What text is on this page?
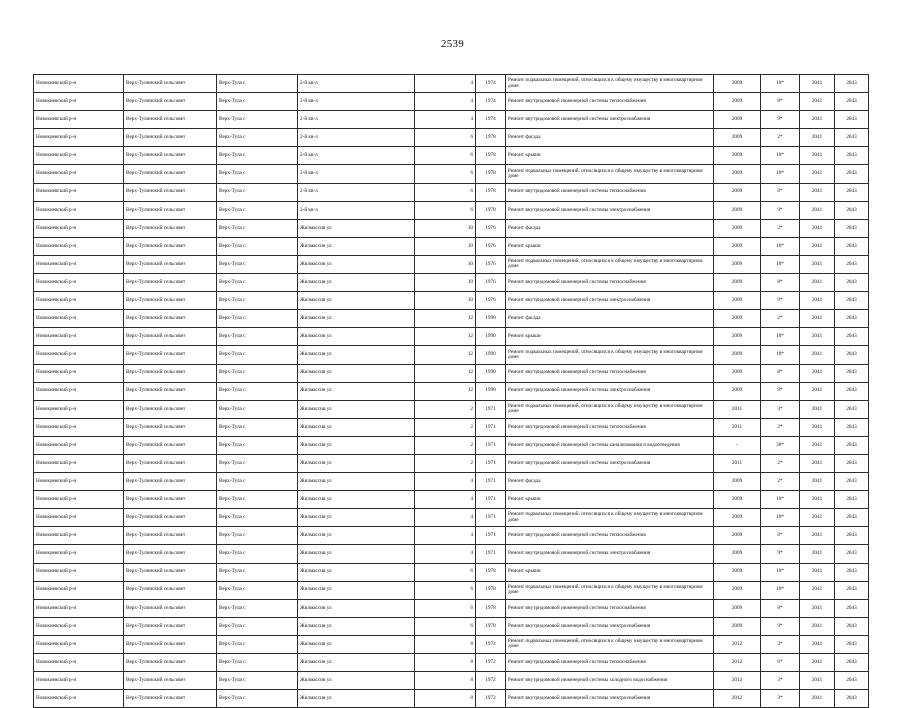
2539
Новокиевский р-н	Верх-Тулинский сельсовет	Верх-Тула с	2-й кв-л	4	1974	Ремонт подвальных помещений, относящихся к общему имуществу в многоквартирном доме	2009	10*	2041	2043
Новокиевский р-н	Верх-Тулинский сельсовет	Верх-Тула с	2-й кв-л	4	1974	Ремонт внутридомовой инженерной системы теплоснабжения	2009	8*	2041	2043
Новокиевский р-н	Верх-Тулинский сельсовет	Верх-Тула с	2-й кв-л	4	1974	Ремонт внутридомовой инженерной системы электроснабжения	2009	9*	2041	2043
Новокиевский р-н	Верх-Тулинский сельсовет	Верх-Тула с	2-й кв-л	6	1978	Ремонт фасада	2009	2*	2041	2043
Новокиевский р-н	Верх-Тулинский сельсовет	Верх-Тула с	2-й кв-л	6	1978	Ремонт крыши	2009	10*	2041	2043
Новокиевский р-н	Верх-Тулинский сельсовет	Верх-Тула с	2-й кв-л	6	1978	Ремонт подвальных помещений, относящихся к общему имуществу в многоквартирном доме	2009	10*	2041	2043
Новокиевский р-н	Верх-Тулинский сельсовет	Верх-Тула с	2-й кв-л	6	1978	Ремонт внутридомовой инженерной системы теплоснабжения	2009	8*	2041	2043
Новокиевский р-н	Верх-Тулинский сельсовет	Верх-Тула с	2-й кв-л	6	1978	Ремонт внутридомовой инженерной системы электроснабжения	2009	9*	2041	2043
Новокиевский р-н	Верх-Тулинский сельсовет	Верх-Тула с	Жилмассив ул	10	1976	Ремонт фасада	2009	2*	2041	2043
Новокиевский р-н	Верх-Тулинский сельсовет	Верх-Тула с	Жилмассив ул	10	1976	Ремонт крыши	2009	10*	2041	2043
Новокиевский р-н	Верх-Тулинский сельсовет	Верх-Тула с	Жилмассив ул	10	1976	Ремонт подвальных помещений, относящихся к общему имуществу в многоквартирном доме	2009	10*	2041	2043
Новокиевский р-н	Верх-Тулинский сельсовет	Верх-Тула с	Жилмассив ул	10	1976	Ремонт внутридомовой инженерной системы теплоснабжения	2009	8*	2041	2043
Новокиевский р-н	Верх-Тулинский сельсовет	Верх-Тула с	Жилмассив ул	10	1976	Ремонт внутридомовой инженерной системы электроснабжения	2009	9*	2041	2043
Новокиевский р-н	Верх-Тулинский сельсовет	Верх-Тула с	Жилмассив ул	12	1990	Ремонт фасада	2009	2*	2041	2043
Новокиевский р-н	Верх-Тулинский сельсовет	Верх-Тула с	Жилмассив ул	12	1990	Ремонт крыши	2009	10*	2041	2043
Новокиевский р-н	Верх-Тулинский сельсовет	Верх-Тула с	Жилмассив ул	12	1990	Ремонт подвальных помещений, относящихся к общему имуществу в многоквартирном доме	2009	10*	2041	2043
Новокиевский р-н	Верх-Тулинский сельсовет	Верх-Тула с	Жилмассив ул	12	1990	Ремонт внутридомовой инженерной системы теплоснабжения	2009	8*	2041	2043
Новокиевский р-н	Верх-Тулинский сельсовет	Верх-Тула с	Жилмассив ул	12	1990	Ремонт внутридомовой инженерной системы электроснабжения	2009	9*	2041	2043
Новокиевский р-н	Верх-Тулинский сельсовет	Верх-Тула с	Жилмассив ул	2	1971	Ремонт подвальных помещений, относящихся к общему имуществу в многоквартирном доме	2011	3*	2041	2043
Новокиевский р-н	Верх-Тулинский сельсовет	Верх-Тула с	Жилмассив ул	2	1971	Ремонт внутридомовой инженерной системы теплоснабжения	2011	2*	2041	2043
Новокиевский р-н	Верх-Тулинский сельсовет	Верх-Тула с	Жилмассив ул	2	1971	Ремонт внутридомовой инженерной системы канализования и водоотведения	-	30*	2041	2043
Новокиевский р-н	Верх-Тулинский сельсовет	Верх-Тула с	Жилмассив ул	2	1971	Ремонт внутридомовой инженерной системы электроснабжения	2011	2*	2041	2043
Новокиевский р-н	Верх-Тулинский сельсовет	Верх-Тула с	Жилмассив ул	4	1971	Ремонт фасада	2009	2*	2041	2043
Новокиевский р-н	Верх-Тулинский сельсовет	Верх-Тула с	Жилмассив ул	4	1971	Ремонт крыши	2009	10*	2041	2043
Новокиевский р-н	Верх-Тулинский сельсовет	Верх-Тула с	Жилмассив ул	4	1971	Ремонт подвальных помещений, относящихся к общему имуществу в многоквартирном доме	2009	10*	2041	2043
Новокиевский р-н	Верх-Тулинский сельсовет	Верх-Тула с	Жилмассив ул	4	1971	Ремонт внутридомовой инженерной системы теплоснабжения	2009	8*	2041	2043
Новокиевский р-н	Верх-Тулинский сельсовет	Верх-Тула с	Жилмассив ул	4	1971	Ремонт внутридомовой инженерной системы электроснабжения	2009	9*	2041	2043
Новокиевский р-н	Верх-Тулинский сельсовет	Верх-Тула с	Жилмассив ул	6	1978	Ремонт крыши	2009	10*	2041	2043
Новокиевский р-н	Верх-Тулинский сельсовет	Верх-Тула с	Жилмассив ул	6	1978	Ремонт подвальных помещений, относящихся к общему имуществу в многоквартирном доме	2009	10*	2041	2043
Новокиевский р-н	Верх-Тулинский сельсовет	Верх-Тула с	Жилмассив ул	6	1978	Ремонт внутридомовой инженерной системы теплоснабжения	2009	8*	2041	2043
Новокиевский р-н	Верх-Тулинский сельсовет	Верх-Тула с	Жилмассив ул	6	1978	Ремонт внутридомовой инженерной системы электроснабжения	2009	9*	2041	2043
Новокиевский р-н	Верх-Тулинский сельсовет	Верх-Тула с	Жилмассив ул	8	1972	Ремонт подвальных помещений, относящихся к общему имуществу в многоквартирном доме	2012	3*	2041	2043
Новокиевский р-н	Верх-Тулинский сельсовет	Верх-Тула с	Жилмассив ул	8	1972	Ремонт внутридомовой инженерной системы теплоснабжения	2012	6*	2041	2043
Новокиевский р-н	Верх-Тулинский сельсовет	Верх-Тула с	Жилмассив ул	8	1972	Ремонт внутридомовой инженерной системы холодного водоснабжения	2012	3*	2041	2043
Новокиевский р-н	Верх-Тулинский сельсовет	Верх-Тула с	Жилмассив ул	8	1972	Ремонт внутридомовой инженерной системы электроснабжения	2012	3*	2041	2043
